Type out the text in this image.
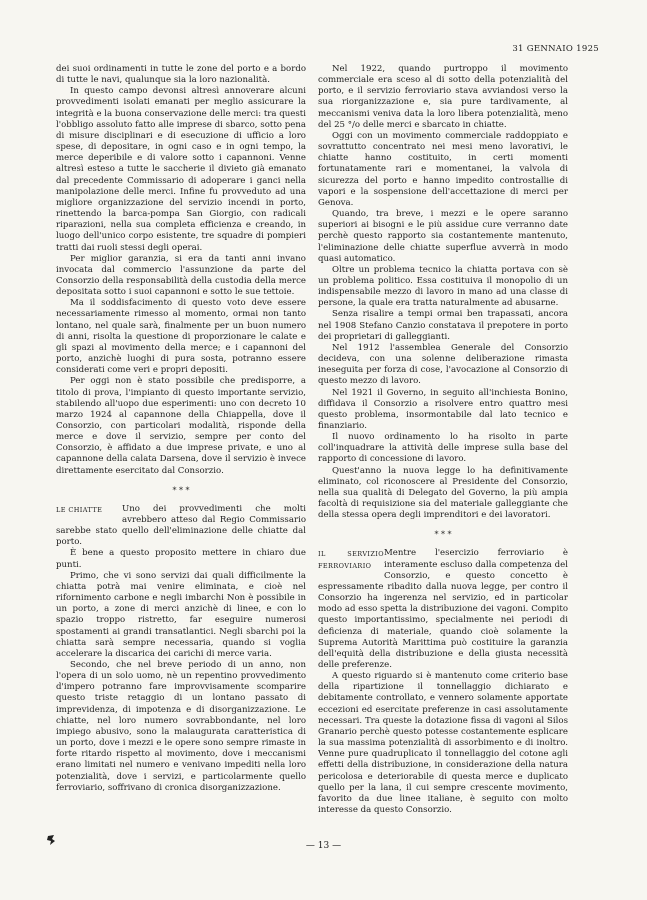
31 GENNAIO 1925

dei suoi ordinamenti in tutte le zone del porto e a bordo di tutte le navi, qualunque sia la loro nazionalità.

In questo campo devonsi altresì annoverare alcuni provvedimenti isolati emanati per meglio assicurare la integrità e la buona conservazione delle merci: tra questi l'obbligo assoluto fatto alle imprese di sbarco, sotto pena di misure disciplinari e di esecuzione di ufficio a loro spese, di depositare, in ogni caso e in ogni tempo, la merce deperibile e di valore sotto i capannoni. Venne altresì esteso a tutte le saccherie il divieto già emanato dal precedente Commissario di adoperare i ganci nella manipolazione delle merci. Infine fu provveduto ad una migliore organizzazione del servizio incendi in porto, rinettendo la barca-pompa San Giorgio, con radicali riparazioni, nella sua completa efficienza e creando, in luogo dell'unico corpo esistente, tre squadre di pompieri tratti dai ruoli stessi degli operai.

Per miglior garanzia, si era da tanti anni invano invocata dal commercio l'assunzione da parte del Consorzio della responsabilità della custodia della merce depositata sotto i suoi capannoni e sotto le sue tettoie.

Ma il soddisfacimento di questo voto deve essere necessariamente rimesso al momento, ormai non tanto lontano, nel quale sarà, finalmente per un buon numero di anni, risolta la questione di proporzionare le calate e gli spazi al movimento della merce; e i capannoni del porto, anzichè luoghi di pura sosta, potranno essere considerati come veri e propri depositi.

Per oggi non è stato possibile che predisporre, a titolo di prova, l'impianto di questo importante servizio, stabilendo all'uopo due esperimenti: uno con decreto 10 marzo 1924 al capannone della Chiappella, dove il Consorzio, con particolari modalità, risponde della merce e dove il servizio, sempre per conto del Consorzio, è affidato a due imprese private, e uno al capannone della calata Darsena, dove il servizio è invece direttamente esercitato dal Consorzio.

* * *
LE CHIATTE	Uno dei provvedimenti che molti avrebbero atteso dal Regio Commissario sarebbe stato quello dell'eliminazione delle chiatte dal porto.

È bene a questo proposito mettere in chiaro due punti.

Primo, che vi sono servizi dai quali difficilmente la chiatta potrà mai venire eliminata, e cioè nel rifornimento carbone e negli imbarchi Non è possibile in un porto, a zone di merci anzichè di linee, e con lo spazio troppo ristretto, far eseguire numerosi spostamenti ai grandi transatlantici. Negli sbarchi poi la chiatta sarà sempre necessaria, quando si voglia accelerare la discarica dei carichi di merce varia.

Secondo, che nel breve periodo di un anno, non l'opera di un solo uomo, nè un repentino provvedimento d'impero potranno fare improvvisamente scomparire questo triste retaggio di un lontano passato di imprevidenza, di impotenza e di disorganizzazione. Le chiatte, nel loro numero sovrabbondante, nel loro impiego abusivo, sono la malaugurata caratteristica di un porto, dove i mezzi e le opere sono sempre rimaste in forte ritardo rispetto al movimento, dove i meccanismi erano limitati nel numero e venivano impediti nella loro potenzialità, dove i servizi, e particolarmente quello ferroviario, soffrivano di cronica disorganizzazione.

Nel 1922, quando purtroppo il movimento commerciale era sceso al di sotto della potenzialità del porto, e il servizio ferroviario stava avviandosi verso la sua riorganizzazione e, sia pure tardivamente, al meccanismi veniva data la loro libera potenzialità, meno del 25 °/o delle merci e sbarcato in chiatte.

Oggi con un movimento commerciale raddoppiato e sovrattutto concentrato nei mesi meno lavorativi, le chiatte hanno costituito, in certi momenti fortunatamente rari e momentanei, la valvola di sicurezza del porto e hanno impedito controstallie di vapori e la sospensione dell'accettazione di merci per Genova.

Quando, tra breve, i mezzi e le opere saranno superiori ai bisogni e le più assidue cure verranno date perchè questo rapporto sia costantemente mantenuto, l'eliminazione delle chiatte superflue avverrà in modo quasi automatico.

Oltre un problema tecnico la chiatta portava con sè un problema politico. Essa costituiva il monopolio di un indispensabile mezzo di lavoro in mano ad una classe di persone, la quale era tratta naturalmente ad abusarne.

Senza risalire a tempi ormai ben trapassati, ancora nel 1908 Stefano Canzio constatava il prepotere in porto dei proprietari di galleggianti.

Nel 1912 l'assemblea Generale del Consorzio decideva, con una solenne deliberazione rimasta ineseguita per forza di cose, l'avocazione al Consorzio di questo mezzo di lavoro.

Nel 1921 il Governo, in seguito all'inchiesta Bonino, diffidava il Consorzio a risolvere entro quattro mesi questo problema, insormontabile dal lato tecnico e finanziario.

Il nuovo ordinamento lo ha risolto in parte coll'inquadrare la attività delle imprese sulla base del rapporto di concessione di lavoro.

Quest'anno la nuova legge lo ha definitivamente eliminato, col riconoscere al Presidente del Consorzio, nella sua qualità di Delegato del Governo, la più ampia facoltà di requisizione sia del materiale galleggiante che della stessa opera degli imprenditori e dei lavoratori.

* * *
IL SERVIZIO FERROVIARIO

Mentre l'esercizio ferroviario è interamente escluso dalla competenza del Consorzio, e questo concetto è espressamente ribadito dalla nuova legge, per contro il Consorzio ha ingerenza nel servizio, ed in particolar modo ad esso spetta la distribuzione dei vagoni. Compito questo importantissimo, specialmente nei periodi di deficienza di materiale, quando cioè solamente la Suprema Autorità Marittima può costituire la garanzia dell'equità della distribuzione e della giusta necessità delle preferenze.

A questo riguardo si è mantenuto come criterio base della ripartizione il tonnellaggio dichiarato e debitamente controllato, e vennero solamente apportate eccezioni ed esercitate preferenze in casi assolutamente necessari. Tra queste la dotazione fissa di vagoni al Silos Granario perchè questo potesse costantemente esplicare la sua massima potenzialità di assorbimento e di inoltro. Venne pure quadruplicato il tonnellaggio del cotone agli effetti della distribuzione, in considerazione della natura pericolosa e deteriorabile di questa merce e duplicato quello per la lana, il cui sempre crescente movimento, favorito da due linee italiane, è seguito con molto interesse da questo Consorzio.

— 13 —
